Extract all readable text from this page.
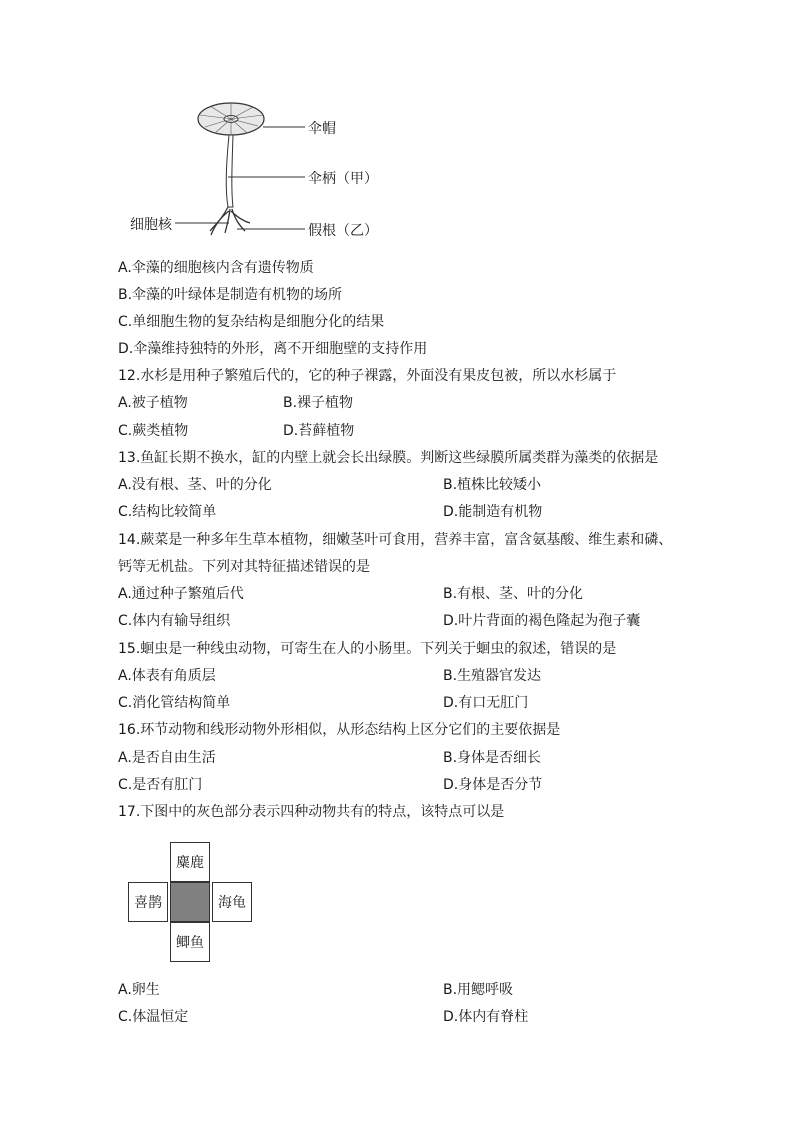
伞帽
伞柄（甲）
细胞核	假根（乙）
A.伞藻的细胞核内含有遗传物质
B.伞藻的叶绿体是制造有机物的场所
C.单细胞生物的复杂结构是细胞分化的结果
D.伞藻维持独特的外形，离不开细胞壁的支持作用
12.水杉是用种子繁殖后代的，它的种子裸露，外面没有果皮包被，所以水杉属于
A.被子植物	B.裸子植物
C.蕨类植物	D.苔藓植物
13.鱼缸长期不换水，缸的内壁上就会长出绿膜。判断这些绿膜所属类群为藻类的依据是
A.没有根、茎、叶的分化	B.植株比较矮小
C.结构比较简单	D.能制造有机物
14.蕨菜是一种多年生草本植物，细嫩茎叶可食用，营养丰富，富含氨基酸、维生素和磷、
钙等无机盐。下列对其特征描述错误的是
A.通过种子繁殖后代	B.有根、茎、叶的分化
C.体内有输导组织	D.叶片背面的褐色隆起为孢子囊
15.蛔虫是一种线虫动物，可寄生在人的小肠里。下列关于蛔虫的叙述，错误的是
A.体表有角质层	B.生殖器官发达
C.消化管结构简单	D.有口无肛门
16.环节动物和线形动物外形相似，从形态结构上区分它们的主要依据是
A.是否自由生活	B.身体是否细长
C.是否有肛门	D.身体是否分节
17.下图中的灰色部分表示四种动物共有的特点，该特点可以是
麋鹿
喜鹊	海龟
鲫鱼
A.卵生	B.用鳃呼吸
C.体温恒定	D.体内有脊柱
